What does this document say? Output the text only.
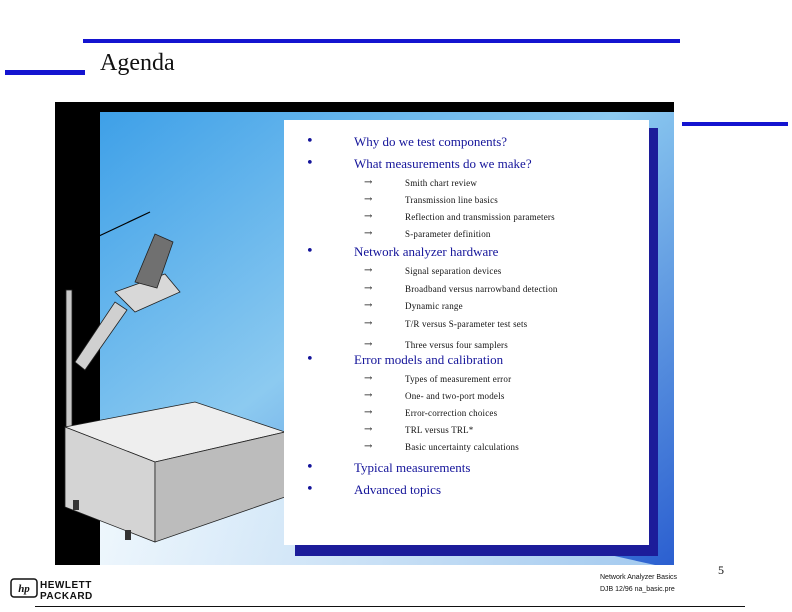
Agenda
•	Why do we test components?
•	What measurements do we make?
→	Smith chart review
→	Transmission line basics
→	Reflection and transmission parameters
→	S-parameter definition
•	Network analyzer hardware
→	Signal separation devices
→	Broadband versus narrowband detection
→	Dynamic range
→	T/R versus S-parameter test sets
→	Three versus four samplers
•	Error models and calibration
→	Types of measurement error
→	One- and two-port models
→	Error-correction choices
→	TRL versus TRL*
→	Basic uncertainty calculations
•	Typical measurements
•	Advanced topics
hp HEWLETT
PACKARD
Network Analyzer Basics
DJB 12/96 na_basic.pre
5
